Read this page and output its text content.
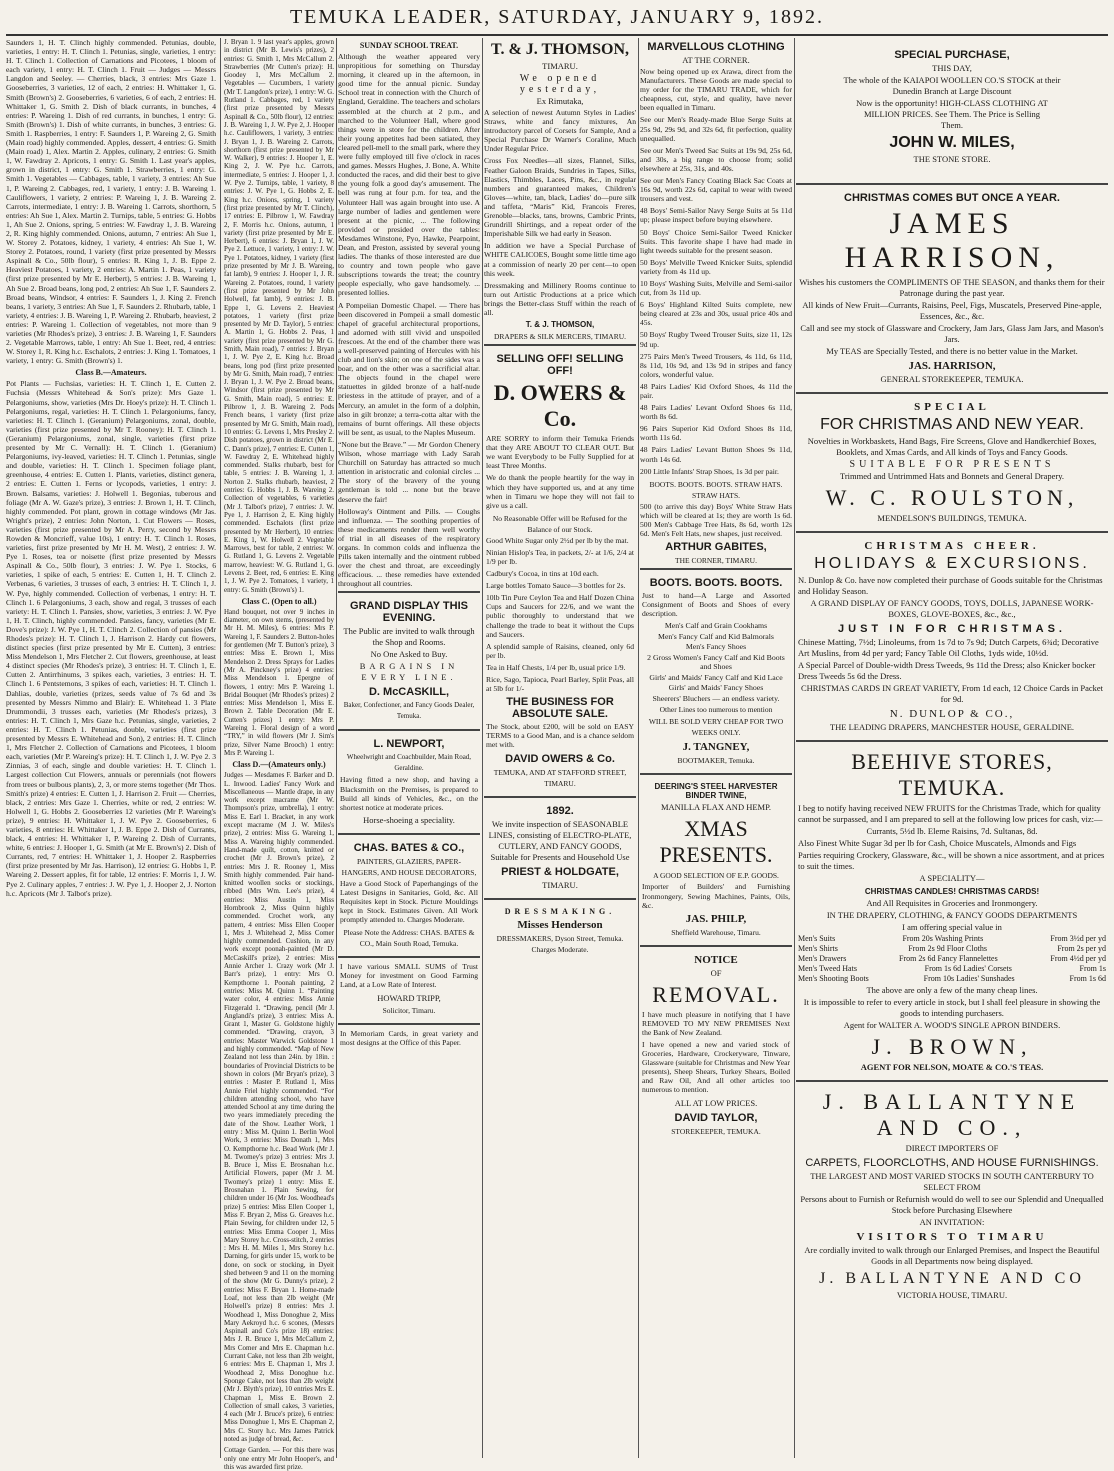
TEMUKA LEADER, SATURDAY, JANUARY 9, 1892.

Saunders 1, H. T. Clinch highly commended. Petunias, double, varieties, 1 entry: H. T. Clinch 1. Petunias, single, varieties, 1 entry: H. T. Clinch 1. Collection of Carnations and Picotees, 1 bloom of each variety, 1 entry: H. T. Clinch 1. Fruit — Judges — Messrs Langdon and Seeley. — Cherries, black, 3 entries: Mrs Gaze 1. Gooseberries, 3 varieties, 12 of each, 2 entries: H. Whittaker 1, G. Smith (Brown's) 2. Gooseberries, 6 varieties, 6 of each, 2 entries: H. Whittaker 1, G. Smith 2. Dish of black currants, in bunches, 4 entries: P. Wareing 1. Dish of red currants, in bunches, 1 entry: G. Smith (Brown's) 1. Dish of white currants, in bunches, 3 entries: G. Smith 1. Raspberries, 1 entry: F. Saunders 1, P. Wareing 2, G. Smith (Main road) highly commended. Apples, dessert, 4 entries: G. Smith (Main road) 1, Alex. Martin 2. Apples, culinary, 2 entries: G. Smith 1, W. Fawdray 2. Apricots, 1 entry: G. Smith 1. Last year's apples, grown in district, 1 entry: G. Smith 1. Strawberries, 1 entry: G. Smith 1. Vegetables — Cabbages, table, 1 variety, 3 entries: Ah Sue 1, P. Wareing 2. Cabbages, red, 1 variety, 1 entry: J. B. Wareing 1. Cauliflowers, 1 variety, 2 entries: P. Wareing 1, J. B. Wareing 2. Carrots, intermediate, 1 entry: J. B. Wareing 1. Carrots, shorthorn, 5 entries: Ah Sue 1, Alex. Martin 2. Turnips, table, 5 entries: G. Hobbs 1, Ah Sue 2. Onions, spring, 5 entries: W. Fawdray 1, J. B. Wareing 2, R. King highly commended. Onions, autumn, 7 entries: Ah Sue 1, W. Storey 2. Potatoes, kidney, 1 variety, 4 entries: Ah Sue 1, W. Storey 2. Potatoes, round, 1 variety (first prize presented by Messrs Aspinall & Co., 50lb flour), 5 entries: R. King 1, J. B. Eppe 2. Heaviest Potatoes, 1 variety, 2 entries: A. Martin 1. Peas, 1 variety (first prize presented by Mr E. Herbert), 5 entries: J. B. Wareing 1, Ah Sue 2. Broad beans, long pod, 2 entries: Ah Sue 1, F. Saunders 2. Broad beans, Windsor, 4 entries: F. Saunders 1, J. King 2. French beans, 1 variety, 3 entries: Ah Sue 1, F. Saunders 2. Rhubarb, table, 1 variety, 4 entries: J. B. Wareing 1, P. Wareing 2. Rhubarb, heaviest, 2 entries: P. Wareing 1. Collection of vegetables, not more than 9 varieties (Mr Rhodes's prize), 3 entries: J. B. Wareing 1, F. Saunders 2. Vegetable Marrows, table, 1 entry: Ah Sue 1. Beet, red, 4 entries: W. Storey 1, R. King h.c. Eschalots, 2 entries: J. King 1. Tomatoes, 1 variety, 1 entry: G. Smith (Brown's) 1.

Class B.—Amateurs.

Pot Plants — Fuchsias, varieties: H. T. Clinch 1, E. Cutten 2. Fuchsia (Messrs Whitehead & Son's prize): Mrs Gaze 1. Pelargoniums, show, varieties (Mrs Dr. Hoey's prize): H. T. Clinch 1. Pelargoniums, regal, varieties: H. T. Clinch 1. Pelargoniums, fancy, varieties: H. T. Clinch 1. (Geranium) Pelargoniums, zonal, double, varieties (first prize presented by Mr T. Rooney): H. T. Clinch 1. (Geranium) Pelargoniums, zonal, single, varieties (first prize presented by Mr C. Vernall): H. T. Clinch 1. (Geranium) Pelargoniums, ivy-leaved, varieties: H. T. Clinch 1. Petunias, single and double, varieties: H. T. Clinch 1. Specimen foliage plant, greenhouse, 4 entries: E. Cutten 1. Plants, varieties, distinct genera, 2 entries: E. Cutten 1. Ferns or lycopods, varieties, 1 entry: J. Brown. Balsams, varieties: J. Holwell 1. Begonias, tuberous and foliage (Mr A. W. Gaze's prize), 3 entries: J. Brown 1, H. T. Clinch, highly commended. Pot plant, grown in cottage windows (Mr Jas. Wright's prize), 2 entries: John Norton, 1. Cut Flowers — Roses, varieties (first prize presented by Mr A. Perry, second by Messrs Rowden & Moncrieff, value 10s), 1 entry: H. T. Clinch 1. Roses, varieties, first prize presented by Mr H. M. West), 2 entries: J. W. Pye 1. Roses, tea or noisette (first prize presented by Messrs Aspinall & Co., 50lb flour), 3 entries: J. W. Pye 1. Stocks, 6 varieties, 1 spike of each, 5 entries: E. Cutten 1, H. T. Clinch 2. Verbenas, 6 varieties, 3 trusses of each, 3 entries: H. T. Clinch 1, J. W. Pye, highly commended. Collection of verbenas, 1 entry: H. T. Clinch 1. 6 Pelargoniums, 3 each, show and regal, 3 trusses of each variety: H. T. Clinch 1. Pansies, show, varieties, 3 entries: J. W. Pye 1, H. T. Clinch, highly commended. Pansies, fancy, varieties (Mr E. Dove's prize): J. W. Pye 1, H. T. Clinch 2. Collection of pansies (Mr Rhodes's prize): H. T. Clinch 1, J. Harrison 2. Hardy cut flowers, distinct species (first prize presented by Mr E. Cutten), 3 entries: Miss Mendelson 1, Mrs Fletcher 2. Cut flowers, greenhouse, at least 4 distinct species (Mr Rhodes's prize), 3 entries: H. T. Clinch 1, E. Cutten 2. Antirrhinums, 3 spikes each, varieties, 3 entries: H. T. Clinch 1. 6 Pentstemons, 3 spikes of each, varieties: H. T. Clinch 1. Dahlias, double, varieties (prizes, seeds value of 7s 6d and 3s presented by Messrs Nimmo and Blair): E. Whitehead 1. 3 Plate Drummondii, 3 trusses each, varieties (Mr Rhodes's prizes), 3 entries: H. T. Clinch 1, Mrs Gaze h.c. Petunias, single, varieties, 2 entries: H. T. Clinch 1. Petunias, double, varieties (first prize presented by Messrs E. Whitehead and Son), 2 entries: H. T. Clinch 1, Mrs Fletcher 2. Collection of Carnations and Picotees, 1 bloom each, varieties (Mr P. Wareing's prize): H. T. Clinch 1, J. W. Pye 2. 3 Zinnias, 3 of each, single and double varieties: H. T. Clinch 1. Largest collection Cut Flowers, annuals or perennials (not flowers from trees or bulbous plants), 2, 3, or more stems together (Mr Thos. Smith's prize) 4 entries: E. Cutten 1, J. Harrison 2. Fruit — Cherries, black, 2 entries: Mrs Gaze 1. Cherries, white or red, 2 entries: W. Holwell 1, G. Hobbs 2. Gooseberries 12 varieties (Mr P. Wareing's prize), 9 entries: H. Whittaker 1, J. W. Pye 2. Gooseberries, 6 varieties, 8 entries: H. Whittaker 1, J. B. Eppe 2. Dish of Currants, black, 4 entries: H. Whittaker 1, P. Wareing 2. Dish of Currants, white, 6 entries: J. Hooper 1, G. Smith (at Mr E. Brown's) 2. Dish of Currants, red, 7 entries: H. Whittaker 1, J. Hooper 2. Raspberries (first prize presented by Mr Jas. Harrison), 12 entries: G. Hobbs 1, P. Wareing 2. Dessert apples, fit for table, 12 entries: F. Morris 1, J. W. Pye 2. Culinary apples, 7 entries: J. W. Pye 1, J. Hooper 2, J. Norton h.c. Apricots (Mr J. Talbot's prize).

J. Bryan 1. 9 last year's apples, grown in district (Mr B. Lewis's prizes), 2 entries: G. Smith 1, Mrs McCallum 2. Strawberries (Mr Cutten's prize): H. Goodey 1, Mrs McCallum 2. Vegetables — Cucumbers, 1 variety (Mr T. Langdon's prize), 1 entry: W. G. Rutland 1. Cabbages, red, 1 variety (first prize presented by Messrs Aspinall & Co., 50lb flour), 12 entries: J. B. Wareing 1, J. W. Pye 2, J. Hooper h.c. Cauliflowers, 1 variety, 3 entries: J. Bryan 1, J. B. Wareing 2. Carrots, shorthorn (first prize presented by Mr W. Walker), 9 entries: J. Hooper 1, E. King 2, J. W. Pye h.c. Carrots, intermediate, 5 entries: J. Hooper 1, J. W. Pye 2. Turnips, table, 1 variety, 8 entries: J. W. Pye 1, G. Hobbs 2, E. King h.c. Onions, spring, 1 variety (first prize presented by Mr T. Clinch), 17 entries: E. Pilbrow 1, W. Fawdray 2, F. Morris h.c. Onions, autumn, 1 variety (first prize presented by Mr E. Herbert), 6 entries: J. Bryan 1, J. W. Pye 2. Lettuce, 1 variety, 1 entry: J. W. Pye 1. Potatoes, kidney, 1 variety (first prize presented by Mr J. B. Wareing, fat lamb), 9 entries: J. Hooper 1, J. R. Wareing 2. Potatoes, round, 1 variety (first prize presented by Mr John Holwell, fat lamb), 9 entries: J. B. Eppe 1, G. Levens 2. Heaviest potatoes, 1 variety (first prize presented by Mr D. Taylor), 5 entries: A. Martin 1, G. Hobbs 2. Peas, 1 variety (first prize presented by Mr G. Smith, Main road), 7 entries: J. Bryan 1, J. W. Pye 2, E. King h.c. Broad beans, long pod (first prize presented by Mr G. Smith, Main road), 7 entries: J. Bryan 1, J. W. Pye 2. Broad beans, Windsor (first prize presented by Mr G. Smith, Main road), 5 entries: E. Pilbrow 1, J. B. Wareing 2. Pods French beans, 1 variety (first prize presented by Mr G. Smith, Main road), 10 entries: G. Levens 1, Mrs Presley 2. Dish potatoes, grown in district (Mr E. C. Dann's prize), 7 entries: E. Cutten 1, W. Fawdray 2, E. Whitehead highly commended. Stalks rhubarb, best for table, 5 entries: J. B. Wareing 1, J. Norton 2. Stalks rhubarb, heaviest, 2 entries: G. Hobbs 1, J. B. Wareing 2. Collection of vegetables, 6 varieties (Mr J. Talbot's prize), 7 entries: J. W. Pye 1, J. Harrison 2, E. King highly commended. Eschalots (first prize presented by Mr Herbert), 10 entries: E. King 1, W. Holwell 2. Vegetable Marrows, best for table, 2 entries: W. G. Rutland 1, G. Levens 2. Vegetable marrow, heaviest: W. G. Rutland 1, G. Levens 2. Beet, red, 6 entries: E. King 1, J. W. Pye 2. Tomatoes, 1 variety, 1 entry: G. Smith (Brown's) 1.

Class C. (Open to all.)

Hand bouquet, not over 9 inches in diameter, on own stems, (presented by Mr H. M. Miles), 6 entries: Mrs P. Wareing 1, F. Saunders 2. Button-holes for gentlemen (Mr T. Button's prize), 3 entries: Miss E. Brown 1, Miss Mendelson 2. Dress Sprays for Ladies (Mr A. Pinckney's prize) 4 entries: Miss Mendelson 1. Epergne of flowers, 1 entry: Mrs P. Wareing 1. Bridal Bouquet (Mr Rhodes's prizes) 2 entries: Miss Mendelson 1, Miss E. Brown 2. Table Decoration (Mr E. Cutten's prizes) 1 entry: Mrs P. Wareing 1. Floral design of a word “TRY,” in wild flowers (Mr J. Sim's prize, Silver Name Brooch) 1 entry: Mrs P. Wareing 1.

Class D.—(Amateurs only.)

Judges — Mesdames F. Barker and D. L. Inwood. Ladies' Fancy Work and Miscellaneous — Mantle drape, in any work except macrame (Mr W. Thompson's prize, umbrella), 1 entry: Miss E. Earl 1. Bracket, in any work except macrame (M J. W. Miles's prize), 2 entries: Miss G. Wareing 1, Miss A. Wareing highly commended. Hand-made quilt, cotton, knitted or crochet (Mr J. Brown's prize), 2 entries: Mrs J. R. Rooney 1, Miss Smith highly commended. Pair hand-knitted woollen socks or stockings, ribbed (Mrs Wm. Lee's prize), 4 entries: Miss Austin 1, Miss Hornbrook 2, Miss Quinn highly commended. Crochet work, any pattern, 4 entries: Miss Ellen Cooper 1, Mrs J. Whitehead 2, Miss Comer highly commended. Cushion, in any work except poonah-painted (Mr D. McCaskill's prize), 2 entries: Miss Annie Archer 1. Crazy work (Mr J. Barr's prize), 1 entry: Mrs O. Kempthorne 1. Poonah painting, 2 entries: Miss M. Quinn 1. “Painting water color, 4 entries: Miss Annie Fitzgerald 1. “Drawing, pencil (Mr J. Anglandi's prize), 3 entries: Miss A. Grant 1, Master G. Goldstone highly commended. “Drawing, crayon, 3 entries: Master Warwick Goldstone 1 and highly commended. “Map of New Zealand not less than 24in. by 18in. : boundaries of Provincial Districts to be shown in colors (Mr Bryan's prize), 3 entries : Master P. Rutland 1, Miss Annie Friel highly commended. “For children attending school, who have attended School at any time during the two years immediately preceding the date of the Show. Leather Work, 1 entry : Miss M. Quinn 1. Berlin Wool Work, 3 entries: Miss Donath 1, Mrs O. Kempthorne h.c. Bead Work (Mr J. M. Twomey's prize) 3 entries: Mrs J. B. Bruce 1, Miss E. Brosnahan h.c. Artificial Flowers, paper (Mr J. M. Twomey's prize) 1 entry: Miss E. Brosnahan 1. Plain Sewing, for children under 16 (Mr Jos. Woodhead's prize) 5 entries: Miss Ellen Cooper 1, Miss F. Bryan 2, Miss G. Greaves h.c. Plain Sewing, for children under 12, 5 entries: Miss Emma Cooper 1, Miss Mary Storey h.c. Cross-stitch, 2 entries : Mrs H. M. Miles 1, Mrs Storey h.c. Darning, for girls under 15, work to be done, on sock or stocking, in Dyeit shed between 9 and 11 on the morning of the show (Mr G. Dunny's prize), 2 entries: Miss F. Bryan 1. Home-made Loaf, not less than 2lb weight (Mr Holwell's prize) 8 entries: Mrs J. Woodhead 1, Miss Donoghue 2, Miss Mary Aekroyd h.c. 6 scones, (Messrs Aspinall and Co's prize 18) entries: Mrs J. R. Bruce 1, Mrs McCallum 2, Mrs Comer and Mrs E. Chapman h.c. Currant Cake, not less than 2lb weight, 6 entries: Mrs E. Chapman 1, Mrs J. Woodhead 2, Miss Donoghue h.c. Sponge Cake, not less than 2lb weight (Mr J. Blyth's prize), 10 entries Mrs E. Chapman 1, Miss E. Brown 2. Collection of small cakes, 3 varieties, 4 each (Mr J. Bruce's prize), 6 entries: Miss Donoghue 1, Mrs E. Chapman 2, Mrs C. Story h.c. Mrs James Patrick noted as judge of bread, &c.

Cottage Garden. — For this there was only one entry Mr John Hooper's, and this was awarded first prize.

SUNDAY SCHOOL TREAT.

Although the weather appeared very unpropitious for something on Thursday morning, it cleared up in the afternoon, in good time for the annual picnic. Sunday School treat in connection with the Church of England, Geraldine. The teachers and scholars assembled at the church at 2 p.m., and marched to the Volunteer Hall, where good things were in store for the children. After their young appetites had been satiated, they cleared pell-mell to the small park, where they were fully employed till five o'clock in races and games. Messrs Hughes, J. Bone, A. White conducted the races, and did their best to give the young folk a good day's amusement. The bell was rung at four p.m. for tea, and the Volunteer Hall was again brought into use. A large number of ladies and gentlemen were present at the picnic, ... The following provided or presided over the tables: Mesdames Winstone, Pyo, Hawke, Pearpoint, Dean, and Preston, assisted by several young ladies. The thanks of those interested are due to country and town people who gave subscriptions towards the treat; the country people especially, who gave handsomely. ... presented lollies.

A Pompeiian Domestic Chapel. — There has been discovered in Pompeii a small domestic chapel of graceful architectural proportions, and adorned with still vivid and unspoiled frescoes. At the end of the chamber there was a well-preserved painting of Hercules with his club and lion's skin; on one of the sides was a boar, and on the other was a sacrificial altar. The objects found in the chapel were statuettes in gilded bronze of a half-nude priestess in the attitude of prayer, and of a Mercury, an amulet in the form of a dolphin, also in gilt bronze; a terra-cotta altar with the remains of burnt offerings. All these objects will be sent, as usual, to the Naples Museum.

“None but the Brave.” — Mr Gordon Chenery Wilson, whose marriage with Lady Sarah Churchill on Saturday has attracted so much attention in aristocratic and colonial circles ... The story of the bravery of the young gentleman is told ... none but the brave deserve the fair!

Holloway's Ointment and Pills. — Coughs and influenza. — The soothing properties of these medicaments render them well worthy of trial in all diseases of the respiratory organs. In common colds and influenza the Pills taken internally and the ointment rubbed over the chest and throat, are exceedingly efficacious. ... these remedies have extended throughout all countries.

GRAND DISPLAY THIS EVENING.

The Public are invited to walk through the Shop and Rooms.

No One Asked to Buy.

BARGAINS IN EVERY LINE.

D. McCASKILL,

Baker, Confectioner, and Fancy Goods Dealer, Temuka.

L. NEWPORT,

Wheelwright and Coachbuilder, Main Road, Geraldine.

Having fitted a new shop, and having a Blacksmith on the Premises, is prepared to Build all kinds of Vehicles, &c., on the shortest notice at moderate prices.

Horse-shoeing a speciality.

CHAS. BATES & CO.,

PAINTERS, GLAZIERS, PAPER-HANGERS, AND HOUSE DECORATORS,

Have a Good Stock of Paperhangings of the Latest Designs in Sanitaries, Gold, &c. All Requisites kept in Stock. Picture Mouldings kept in Stock. Estimates Given. All Work promptly attended to. Charges Moderate.

Please Note the Address: CHAS. BATES & CO., Main South Road, Temuka.

I have various SMALL SUMS of Trust Money for investment on Good Farming Land, at a Low Rate of Interest.

HOWARD TRIPP,

Solicitor, Timaru.

In Memoriam Cards, in great variety and most designs at the Office of this Paper.

T. & J. THOMSON,

TIMARU.

We opened yesterday,

Ex Rimutaka,

A selection of newest Autumn Styles in Ladies' Straws, white and fancy mixtures, An introductory parcel of Corsets for Sample, And a Special Purchase Dr Warner's Coraline, Much Under Regular Price.

Cross Fox Needles—all sizes, Flannel, Silks, Feather Galoon Braids, Sundries in Tapes, Silks, Elastics, Thimbles, Laces, Pins, &c., in regular numbers and guaranteed makes, Children's Gloves—white, tan, black, Ladies' do—pure silk and taffeta, “Maris” Kid, Francois Freres, Grenoble—blacks, tans, browns, Cambric Prints, Grundrill Shirtings, and a repeat order of the Imperishable Silk we had early in Season.

In addition we have a Special Purchase of WHITE CALICOES, Bought some little time ago at a commission of nearly 20 per cent—to open this week.

Dressmaking and Millinery Rooms continue to turn out Artistic Productions at a price which brings the Better-class Stuff within the reach of all.

T. & J. THOMSON,

DRAPERS & SILK MERCERS, TIMARU.

SELLING OFF! SELLING OFF!
D. OWERS & Co.

ARE SORRY to inform their Temuka Friends that they ARE ABOUT TO CLEAR OUT. But we want Everybody to be Fully Supplied for at least Three Months.

We do thank the people heartily for the way in which they have supported us, and at any time when in Timaru we hope they will not fail to give us a call.

No Reasonable Offer will be Refused for the Balance of our Stock.

Good White Sugar only 2½d per lb by the mat.

Ninian Hislop's Tea, in packets, 2/- at 1/6, 2/4 at 1/9 per lb.

Cadbury's Cocoa, in tins at 10d each.

Large bottles Tomato Sauce—3 bottles for 2s.

10lb Tin Pure Ceylon Tea and Half Dozen China Cups and Saucers for 22/6, and we want the public thoroughly to understand that we challenge the trade to beat it without the Cups and Saucers.

A splendid sample of Raisins, cleaned, only 6d per lb.

Tea in Half Chests, 1/4 per lb, usual price 1/9.

Rice, Sago, Tapioca, Pearl Barley, Split Peas, all at 5lb for 1/-

THE BUSINESS FOR ABSOLUTE SALE.

The Stock, about £200, will be sold on EASY TERMS to a Good Man, and is a chance seldom met with.

DAVID OWERS & Co.

TEMUKA, AND AT STAFFORD STREET, TIMARU.

1892.

We invite inspection of SEASONABLE LINES, consisting of ELECTRO-PLATE, CUTLERY, AND FANCY GOODS, Suitable for Presents and Household Use

PRIEST & HOLDGATE,

TIMARU.

DRESSMAKING.
Misses Henderson

DRESSMAKERS, Dyson Street, Temuka. Charges Moderate.

MARVELLOUS CLOTHING

AT THE CORNER.

Now being opened up ex Arawa, direct from the Manufacturers. These Goods are made special to my order for the TIMARU TRADE, which for cheapness, cut, style, and quality, have never been equalled in Timaru.

See our Men's Ready-made Blue Serge Suits at 25s 9d, 29s 9d, and 32s 6d, fit perfection, quality unequalled.

See our Men's Tweed Sac Suits at 19s 9d, 25s 6d, and 30s, a big range to choose from; solid elsewhere at 25s, 31s, and 40s.

See our Men's Fancy Coating Black Sac Coats at 16s 9d, worth 22s 6d, capital to wear with tweed trousers and vest.

48 Boys' Semi-Sailor Navy Serge Suits at 5s 11d up; please inspect before buying elsewhere.

50 Boys' Choice Semi-Sailor Tweed Knicker Suits. This favorite shape I have had made in light tweeds suitable for the present season.

50 Boys' Melville Tweed Knicker Suits, splendid variety from 4s 11d up.

10 Boys' Washing Suits, Melville and Semi-sailor cut, from 3s 11d up.

6 Boys' Highland Kilted Suits complete, new being cleared at 23s and 30s, usual price 40s and 45s.

50 Boys' Rugby Tweed Trouser Suits, size 11, 12s 9d up.

275 Pairs Men's Tweed Trousers, 4s 11d, 6s 11d, 8s 11d, 10s 9d, and 13s 9d in stripes and fancy colors, wonderful value.

48 Pairs Ladies' Kid Oxford Shoes, 4s 11d the pair.

48 Pairs Ladies' Levant Oxford Shoes 6s 11d, worth 8s 6d.

96 Pairs Superior Kid Oxford Shoes 8s 11d, worth 11s 6d.

48 Pairs Ladies' Levant Button Shoes 9s 11d, worth 14s 6d.

200 Little Infants' Strap Shoes, 1s 3d per pair.

BOOTS. BOOTS. BOOTS. STRAW HATS. STRAW HATS.

500 (to arrive this day) Boys' White Straw Hats which will be cleared at 1s; they are worth 1s 6d. 500 Men's Cabbage Tree Hats, 8s 6d, worth 12s 6d. Men's Felt Hats, new shapes, just received.

ARTHUR GABITES,

THE CORNER, TIMARU.

BOOTS. BOOTS. BOOTS.

Just to hand—A Large and Assorted Consignment of Boots and Shoes of every description.

Men's Calf and Grain Cookhams

Men's Fancy Calf and Kid Balmorals

Men's Fancy Shoes

2 Gross Women's Fancy Calf and Kid Boots and Shoes

Girls' and Maids' Fancy Calf and Kid Lace

Girls' and Maids' Fancy Shoes

Sheerers' Bluchers — an endless variety.

Other Lines too numerous to mention

WILL BE SOLD VERY CHEAP FOR TWO WEEKS ONLY.

J. TANGNEY,

BOOTMAKER, Temuka.

DEERING'S STEEL HARVESTER BINDER TWINE,

MANILLA FLAX AND HEMP.

XMAS PRESENTS.

A GOOD SELECTION OF E.P. GOODS.

Importer of Builders' and Furnishing Ironmongery, Sewing Machines, Paints, Oils, &c.

JAS. PHILP,

Sheffield Warehouse, Timaru.

NOTICE

OF

REMOVAL.

I have much pleasure in notifying that I have REMOVED TO MY NEW PREMISES Next the Bank of New Zealand.

I have opened a new and varied stock of Groceries, Hardware, Crockeryware, Tinware, Glassware (suitable for Christmas and New Year presents), Sheep Shears, Turkey Shears, Boiled and Raw Oil, And all other articles too numerous to mention.

ALL AT LOW PRICES.

DAVID TAYLOR,

STOREKEEPER, TEMUKA.

SPECIAL PURCHASE,

THIS DAY,

The whole of the KAIAPOI WOOLLEN CO.'S STOCK at their Dunedin Branch at Large Discount

Now is the opportunity! HIGH-CLASS CLOTHING AT MILLION PRICES. See Them. The Price is Selling Them.

JOHN W. MILES,

THE STONE STORE.

CHRISTMAS COMES BUT ONCE A YEAR.
JAMES HARRISON,

Wishes his customers the COMPLIMENTS OF THE SEASON, and thanks them for their Patronage during the past year.

All kinds of New Fruit—Currants, Raisins, Peel, Figs, Muscatels, Preserved Pine-apple, Essences, &c., &c.

Call and see my stock of Glassware and Crockery, Jam Jars, Glass Jam Jars, and Mason's Jars.

My TEAS are Specially Tested, and there is no better value in the Market.

JAS. HARRISON,

GENERAL STOREKEEPER, TEMUKA.

SPECIAL
FOR CHRISTMAS AND NEW YEAR.

Novelties in Workbaskets, Hand Bags, Fire Screens, Glove and Handkerchief Boxes, Booklets, and Xmas Cards, and All kinds of Toys and Fancy Goods.

SUITABLE FOR PRESENTS

Trimmed and Untrimmed Hats and Bonnets and General Drapery.

W. C. ROULSTON,

MENDELSON'S BUILDINGS, TEMUKA.

CHRISTMAS CHEER.
HOLIDAYS & EXCURSIONS.

N. Dunlop & Co. have now completed their purchase of Goods suitable for the Christmas and Holiday Season.

A GRAND DISPLAY OF FANCY GOODS, TOYS, DOLLS, JAPANESE WORK-BOXES, GLOVE-BOXES, &c., &c.,

JUST IN FOR CHRISTMAS.

Chinese Matting, 7½d; Linoleums, from 1s 7d to 7s 9d; Dutch Carpets, 6¾d; Decorative Art Muslins, from 4d per yard; Fancy Table Oil Cloths, 1yds wide, 10½d.

A Special Parcel of Double-width Dress Tweeds, 9s 11d the Dress; also Knicker bocker Dress Tweeds 5s 6d the Dress.

CHRISTMAS CARDS IN GREAT VARIETY, From 1d each, 12 Choice Cards in Packet for 9d.

N. DUNLOP & CO.,

THE LEADING DRAPERS, MANCHESTER HOUSE, GERALDINE.

BEEHIVE STORES, TEMUKA.

I beg to notify having received NEW FRUITS for the Christmas Trade, which for quality cannot be surpassed, and I am prepared to sell at the following low prices for cash, viz:—

Currants, 5½d lb. Eleme Raisins, 7d. Sultanas, 8d.

Also Finest White Sugar 3d per lb for Cash, Choice Muscatels, Almonds and Figs

Parties requiring Crockery, Glassware, &c., will be shown a nice assortment, and at prices to suit the times.

A SPECIALITY—

CHRISTMAS CANDLES! CHRISTMAS CARDS!

And All Requisites in Groceries and Ironmongery.

IN THE DRAPERY, CLOTHING, & FANCY GOODS DEPARTMENTS

I am offering special value in

Men's Suits	From 20s Washing Prints	From 3½d per yd
Men's Shirts	From 2s 9d Floor Cloths	From 2s per yd
Men's Drawers	From 2s 6d Fancy Flannelettes	From 4½d per yd
Men's Tweed Hats	From 1s 6d Ladies' Corsets	From 1s
Men's Shooting Boots	From 10s Ladies' Sunshades	From 1s 6d

The above are only a few of the many cheap lines.

It is impossible to refer to every article in stock, but I shall feel pleasure in showing the goods to intending purchasers.

Agent for WALTER A. WOOD'S SINGLE APRON BINDERS.

J. BROWN,

AGENT FOR NELSON, MOATE & CO.'S TEAS.

J. BALLANTYNE AND CO.,

DIRECT IMPORTERS OF

CARPETS, FLOORCLOTHS, AND HOUSE FURNISHINGS.

THE LARGEST AND MOST VARIED STOCKS IN SOUTH CANTERBURY TO SELECT FROM

Persons about to Furnish or Refurnish would do well to see our Splendid and Unequalled Stock before Purchasing Elsewhere

AN INVITATION:

VISITORS TO TIMARU

Are cordially invited to walk through our Enlarged Premises, and Inspect the Beautiful Goods in all Departments now being displayed.

J. BALLANTYNE AND CO

VICTORIA HOUSE, TIMARU.
